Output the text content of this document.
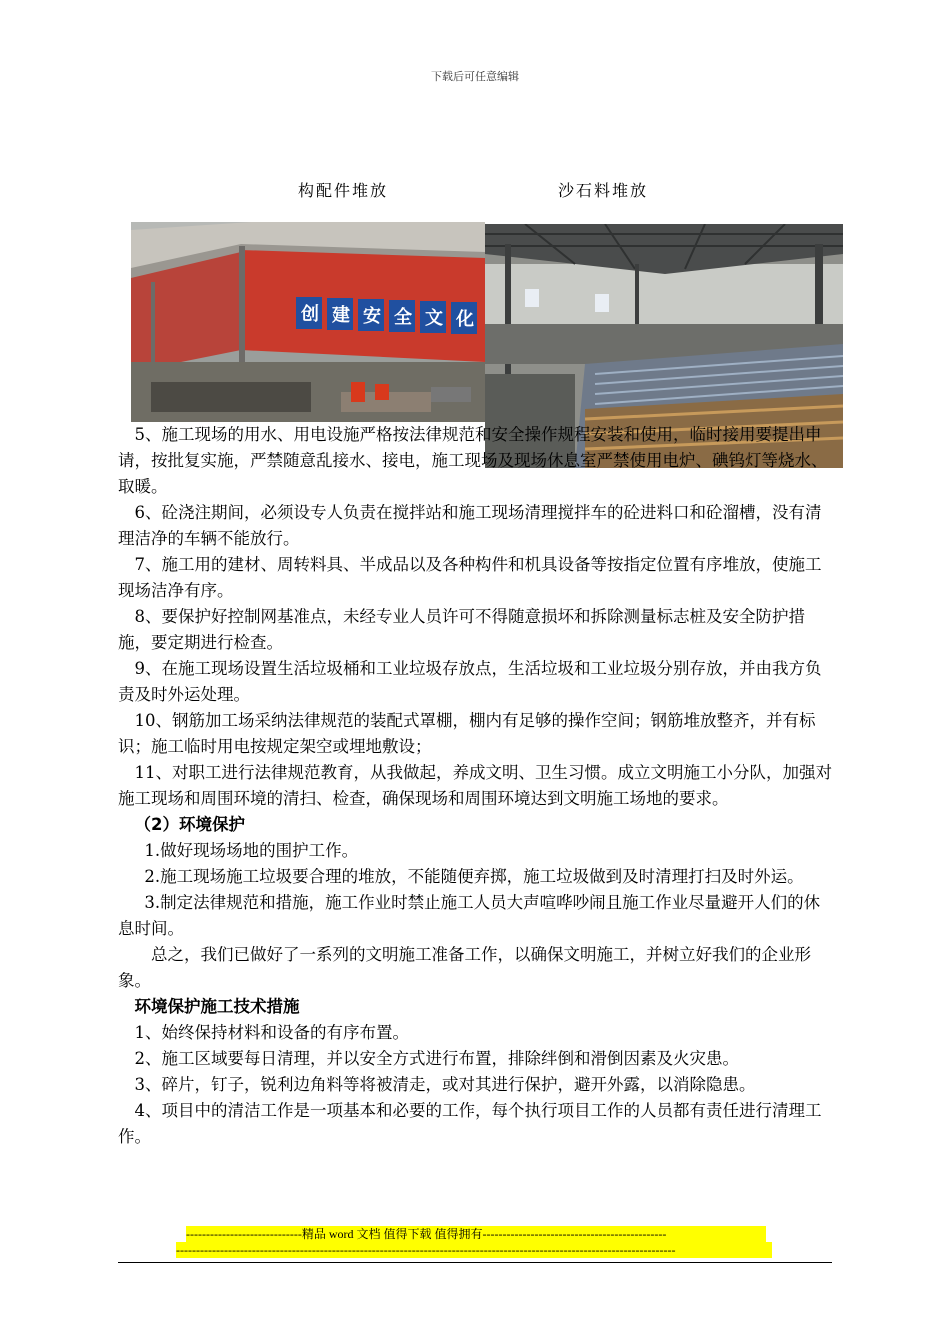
下载后可任意编辑
构配件堆放	沙石料堆放
创 建 安 全 文 化

5、施工现场的用水、用电设施严格按法律规范和安全操作规程安装和使用，临时接用要提出申请，按批复实施，严禁随意乱接水、接电，施工现场及现场休息室严禁使用电炉、碘钨灯等烧水、取暖。

6、砼浇注期间，必须设专人负责在搅拌站和施工现场清理搅拌车的砼进料口和砼溜槽，没有清理洁净的车辆不能放行。

7、施工用的建材、周转料具、半成品以及各种构件和机具设备等按指定位置有序堆放，使施工现场洁净有序。

8、要保护好控制网基准点，未经专业人员许可不得随意损坏和拆除测量标志桩及安全防护措施，要定期进行检查。

9、在施工现场设置生活垃圾桶和工业垃圾存放点，生活垃圾和工业垃圾分别存放，并由我方负责及时外运处理。

10、钢筋加工场采纳法律规范的装配式罩棚，棚内有足够的操作空间；钢筋堆放整齐，并有标识；施工临时用电按规定架空或埋地敷设；

11、对职工进行法律规范教育，从我做起，养成文明、卫生习惯。成立文明施工小分队，加强对施工现场和周围环境的清扫、检查，确保现场和周围环境达到文明施工场地的要求。

（2）环境保护

1.做好现场场地的围护工作。

2.施工现场施工垃圾要合理的堆放，不能随便弃掷，施工垃圾做到及时清理打扫及时外运。

3.制定法律规范和措施，施工作业时禁止施工人员大声喧哗吵闹且施工作业尽量避开人们的休息时间。

总之，我们已做好了一系列的文明施工准备工作，以确保文明施工，并树立好我们的企业形象。

环境保护施工技术措施

1、始终保持材料和设备的有序布置。

2、施工区域要每日清理，并以安全方式进行布置，排除绊倒和滑倒因素及火灾患。

3、碎片，钉子，锐利边角料等将被清走，或对其进行保护，避开外露，以消除隐患。

4、项目中的清洁工作是一项基本和必要的工作，每个执行项目工作的人员都有责任进行清理工作。

-----------------------------精品 word 文档 值得下载 值得拥有----------------------------------------------
-----------------------------------------------------------------------------------------------------------------------------
